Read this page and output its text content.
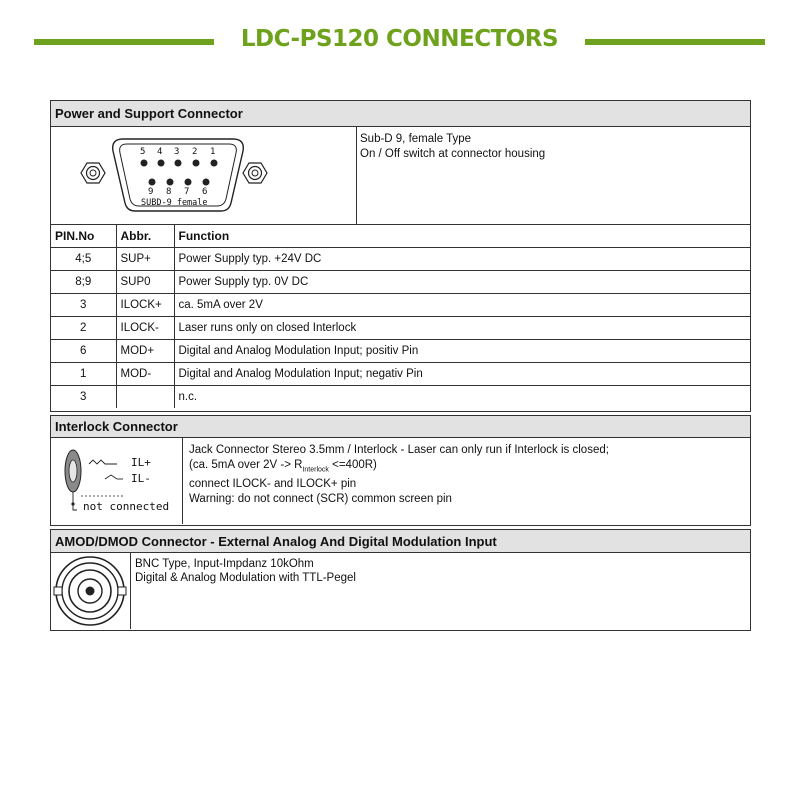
LDC-PS120 CONNECTORS
Power and Support Connector
5 4 3 2 1
9 8 7 6
SUBD-9 female
Sub-D 9, female Type
On / Off switch at connector housing
PIN.No	Abbr.	Function
4;5	SUP+	Power Supply typ. +24V DC
8;9	SUP0	Power Supply typ. 0V DC
3	ILOCK+	ca. 5mA over 2V
2	ILOCK-	Laser runs only on closed Interlock
6	MOD+	Digital and Analog Modulation Input; positiv Pin
1	MOD-	Digital and Analog Modulation Input; negativ Pin
3		n.c.
Interlock Connector
IL+
IL-
not connected
Jack Connector Stereo 3.5mm / Interlock - Laser can only run if Interlock is closed;
(ca. 5mA over $2V -> R_{Interlock} <=400R$)
connect ILOCK- and ILOCK+ pin
Warning: do not connect (SCR) common screen pin
AMOD/DMOD Connector - External Analog And Digital Modulation Input
BNC Type, Input-Impdanz 10kOhm
Digital & Analog Modulation with TTL-Pegel
